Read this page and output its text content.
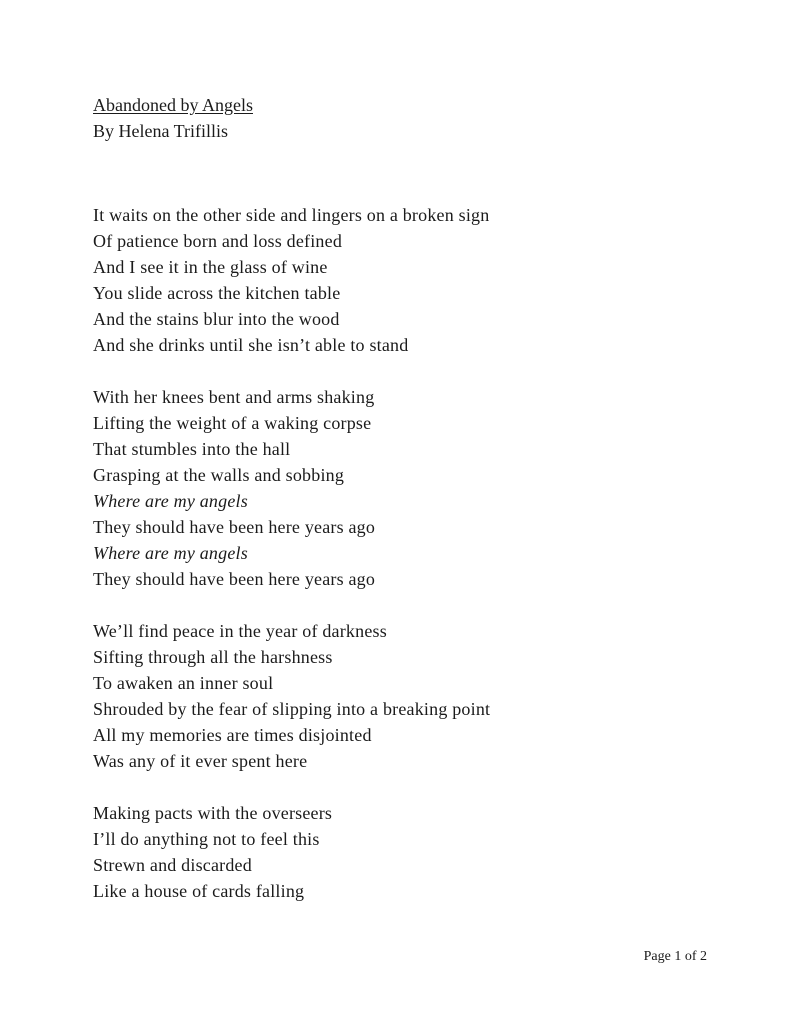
Abandoned by Angels
By Helena Trifillis
It waits on the other side and lingers on a broken sign
Of patience born and loss defined
And I see it in the glass of wine
You slide across the kitchen table
And the stains blur into the wood
And she drinks until she isn’t able to stand
With her knees bent and arms shaking
Lifting the weight of a waking corpse
That stumbles into the hall
Grasping at the walls and sobbing
Where are my angels
They should have been here years ago
Where are my angels
They should have been here years ago
We’ll find peace in the year of darkness
Sifting through all the harshness
To awaken an inner soul
Shrouded by the fear of slipping into a breaking point
All my memories are times disjointed
Was any of it ever spent here
Making pacts with the overseers
I’ll do anything not to feel this
Strewn and discarded
Like a house of cards falling
Page 1 of 2
